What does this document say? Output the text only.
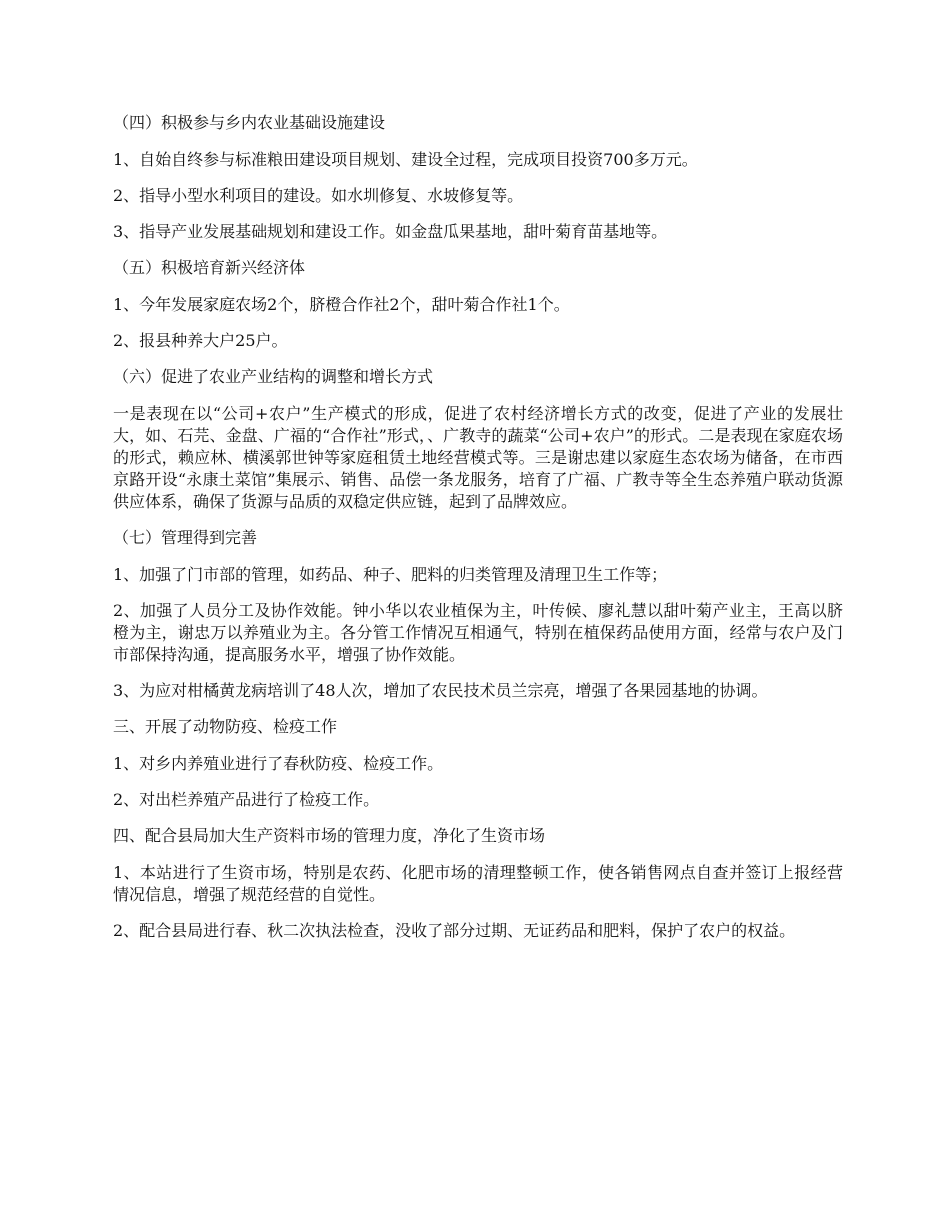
（四）积极参与乡内农业基础设施建设

1、自始自终参与标准粮田建设项目规划、建设全过程，完成项目投资700多万元。

2、指导小型水利项目的建设。如水圳修复、水坡修复等。

3、指导产业发展基础规划和建设工作。如金盘瓜果基地，甜叶菊育苗基地等。

（五）积极培育新兴经济体

1、今年发展家庭农场2个，脐橙合作社2个，甜叶菊合作社1个。

2、报县种养大户25户。

（六）促进了农业产业结构的调整和增长方式

一是表现在以“公司+农户”生产模式的形成，促进了农村经济增长方式的改变，促进了产业的发展壮大，如、石芫、金盘、广福的“合作社”形式，、广教寺的蔬菜“公司+农户”的形式。二是表现在家庭农场的形式，赖应林、横溪郭世钟等家庭租赁土地经营模式等。三是谢忠建以家庭生态农场为储备，在市西京路开设“永康土菜馆”集展示、销售、品偿一条龙服务，培育了广福、广教寺等全生态养殖户联动货源供应体系，确保了货源与品质的双稳定供应链，起到了品牌效应。

（七）管理得到完善

1、加强了门市部的管理，如药品、种子、肥料的归类管理及清理卫生工作等；

2、加强了人员分工及协作效能。钟小华以农业植保为主，叶传候、廖礼慧以甜叶菊产业主，王高以脐橙为主，谢忠万以养殖业为主。各分管工作情况互相通气，特别在植保药品使用方面，经常与农户及门市部保持沟通，提高服务水平，增强了协作效能。

3、为应对柑橘黄龙病培训了48人次，增加了农民技术员兰宗亮，增强了各果园基地的协调。

三、开展了动物防疫、检疫工作

1、对乡内养殖业进行了春秋防疫、检疫工作。

2、对出栏养殖产品进行了检疫工作。

四、配合县局加大生产资料市场的管理力度，净化了生资市场

1、本站进行了生资市场，特别是农药、化肥市场的清理整顿工作，使各销售网点自查并签订上报经营情况信息，增强了规范经营的自觉性。

2、配合县局进行春、秋二次执法检查，没收了部分过期、无证药品和肥料，保护了农户的权益。
